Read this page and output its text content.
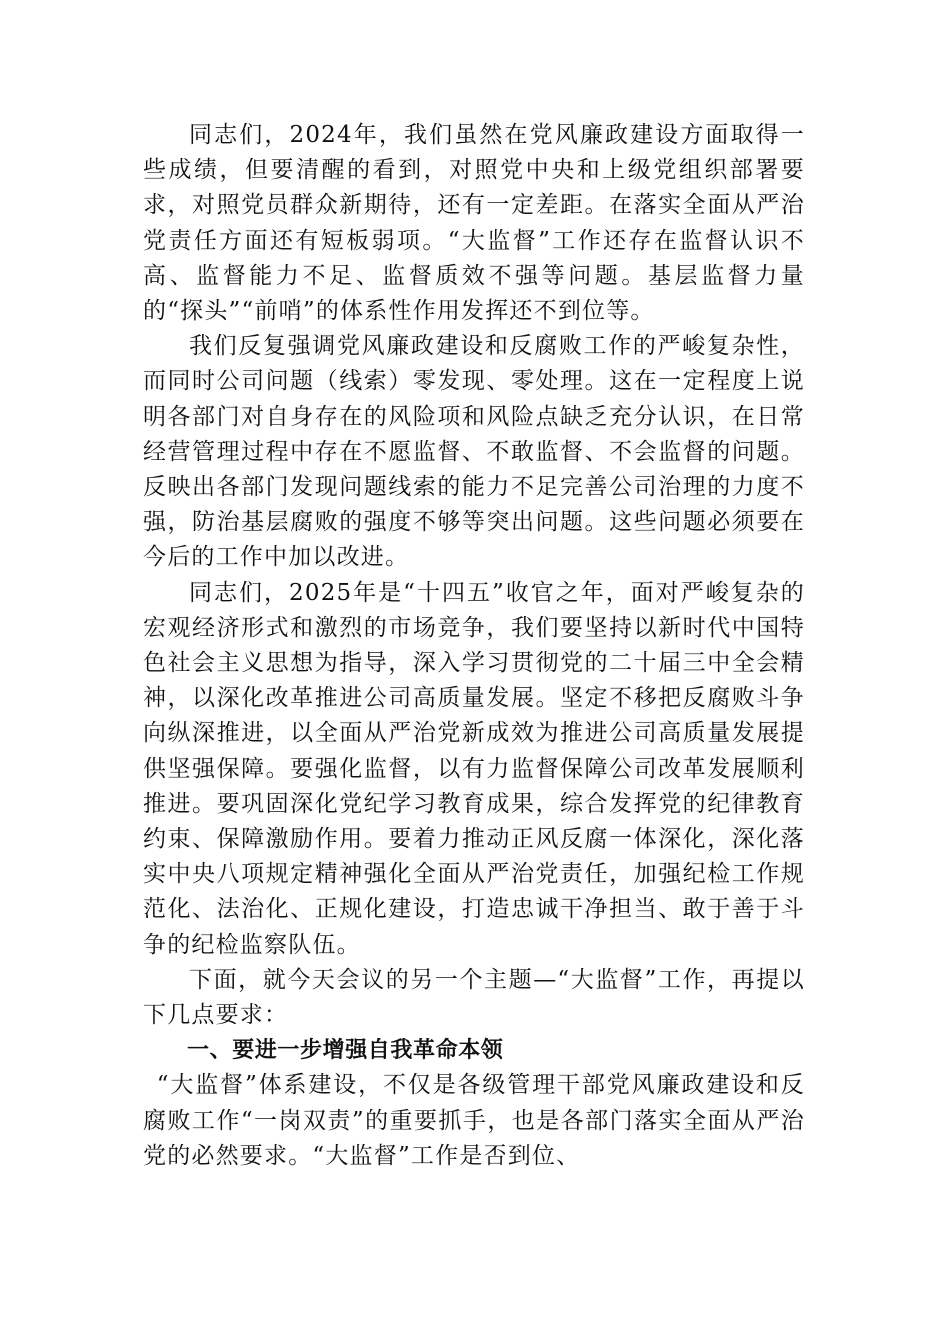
同志们，2024年，我们虽然在党风廉政建设方面取得一些成绩，但要清醒的看到，对照党中央和上级党组织部署要求，对照党员群众新期待，还有一定差距。在落实全面从严治党责任方面还有短板弱项。“大监督”工作还存在监督认识不高、监督能力不足、监督质效不强等问题。基层监督力量的“探头”“前哨”的体系性作用发挥还不到位等。

我们反复强调党风廉政建设和反腐败工作的严峻复杂性，而同时公司问题（线索）零发现、零处理。这在一定程度上说明各部门对自身存在的风险项和风险点缺乏充分认识，在日常经营管理过程中存在不愿监督、不敢监督、不会监督的问题。反映出各部门发现问题线索的能力不足完善公司治理的力度不强，防治基层腐败的强度不够等突出问题。这些问题必须要在今后的工作中加以改进。

同志们，2025年是“十四五”收官之年，面对严峻复杂的宏观经济形式和激烈的市场竞争，我们要坚持以新时代中国特色社会主义思想为指导，深入学习贯彻党的二十届三中全会精神，以深化改革推进公司高质量发展。坚定不移把反腐败斗争向纵深推进，以全面从严治党新成效为推进公司高质量发展提供坚强保障。要强化监督，以有力监督保障公司改革发展顺利推进。要巩固深化党纪学习教育成果，综合发挥党的纪律教育约束、保障激励作用。要着力推动正风反腐一体深化，深化落实中央八项规定精神强化全面从严治党责任，加强纪检工作规范化、法治化、正规化建设，打造忠诚干净担当、敢于善于斗争的纪检监察队伍。

下面，就今天会议的另一个主题—“大监督”工作，再提以下几点要求：

一、要进一步增强自我革命本领

“大监督”体系建设，不仅是各级管理干部党风廉政建设和反腐败工作“一岗双责”的重要抓手，也是各部门落实全面从严治党的必然要求。“大监督”工作是否到位、
